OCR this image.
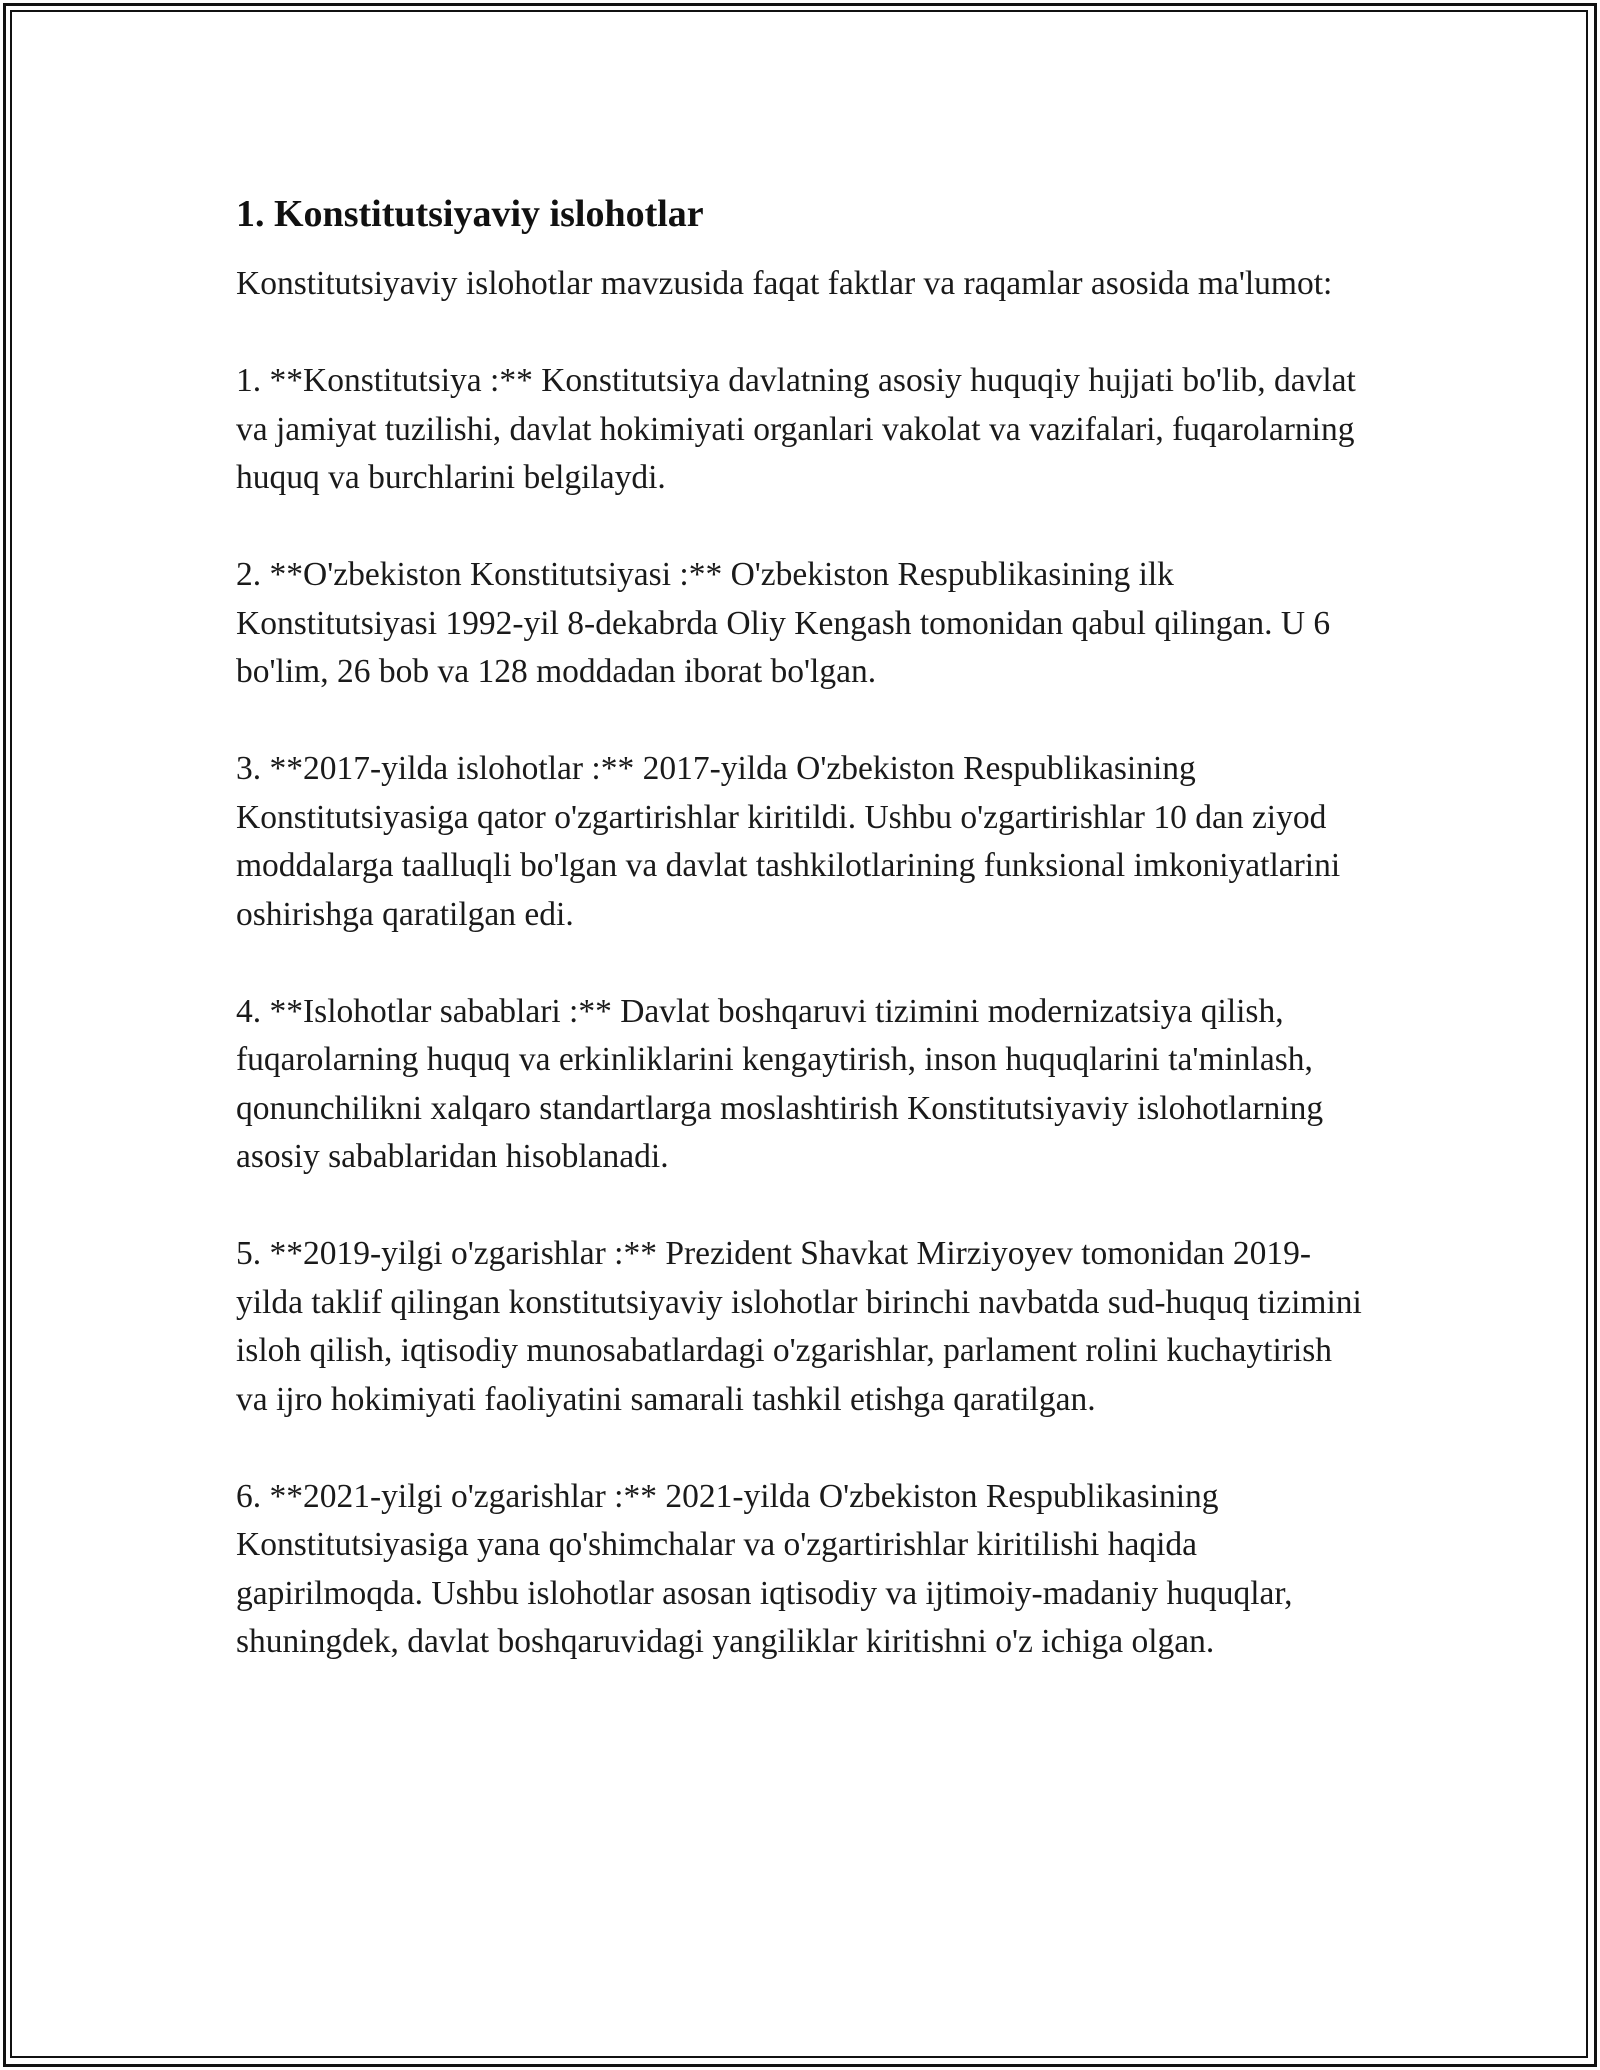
1. Konstitutsiyaviy islohotlar

Konstitutsiyaviy islohotlar mavzusida faqat faktlar va raqamlar asosida ma'lumot:

1. **Konstitutsiya :** Konstitutsiya davlatning asosiy huquqiy hujjati bo'lib, davlat va jamiyat tuzilishi, davlat hokimiyati organlari vakolat va vazifalari, fuqarolarning huquq va burchlarini belgilaydi.

2. **O'zbekiston Konstitutsiyasi :** O'zbekiston Respublikasining ilk Konstitutsiyasi 1992-yil 8-dekabrda Oliy Kengash tomonidan qabul qilingan. U 6 bo'lim, 26 bob va 128 moddadan iborat bo'lgan.

3. **2017-yilda islohotlar :** 2017-yilda O'zbekiston Respublikasining Konstitutsiyasiga qator o'zgartirishlar kiritildi. Ushbu o'zgartirishlar 10 dan ziyod moddalarga taalluqli bo'lgan va davlat tashkilotlarining funksional imkoniyatlarini oshirishga qaratilgan edi.

4. **Islohotlar sabablari :** Davlat boshqaruvi tizimini modernizatsiya qilish, fuqarolarning huquq va erkinliklarini kengaytirish, inson huquqlarini ta'minlash, qonunchilikni xalqaro standartlarga moslashtirish Konstitutsiyaviy islohotlarning asosiy sabablaridan hisoblanadi.

5. **2019-yilgi o'zgarishlar :** Prezident Shavkat Mirziyoyev tomonidan 2019-yilda taklif qilingan konstitutsiyaviy islohotlar birinchi navbatda sud-huquq tizimini isloh qilish, iqtisodiy munosabatlardagi o'zgarishlar, parlament rolini kuchaytirish va ijro hokimiyati faoliyatini samarali tashkil etishga qaratilgan.

6. **2021-yilgi o'zgarishlar :** 2021-yilda O'zbekiston Respublikasining Konstitutsiyasiga yana qo'shimchalar va o'zgartirishlar kiritilishi haqida gapirilmoqda. Ushbu islohotlar asosan iqtisodiy va ijtimoiy-madaniy huquqlar, shuningdek, davlat boshqaruvidagi yangiliklar kiritishni o'z ichiga olgan.
